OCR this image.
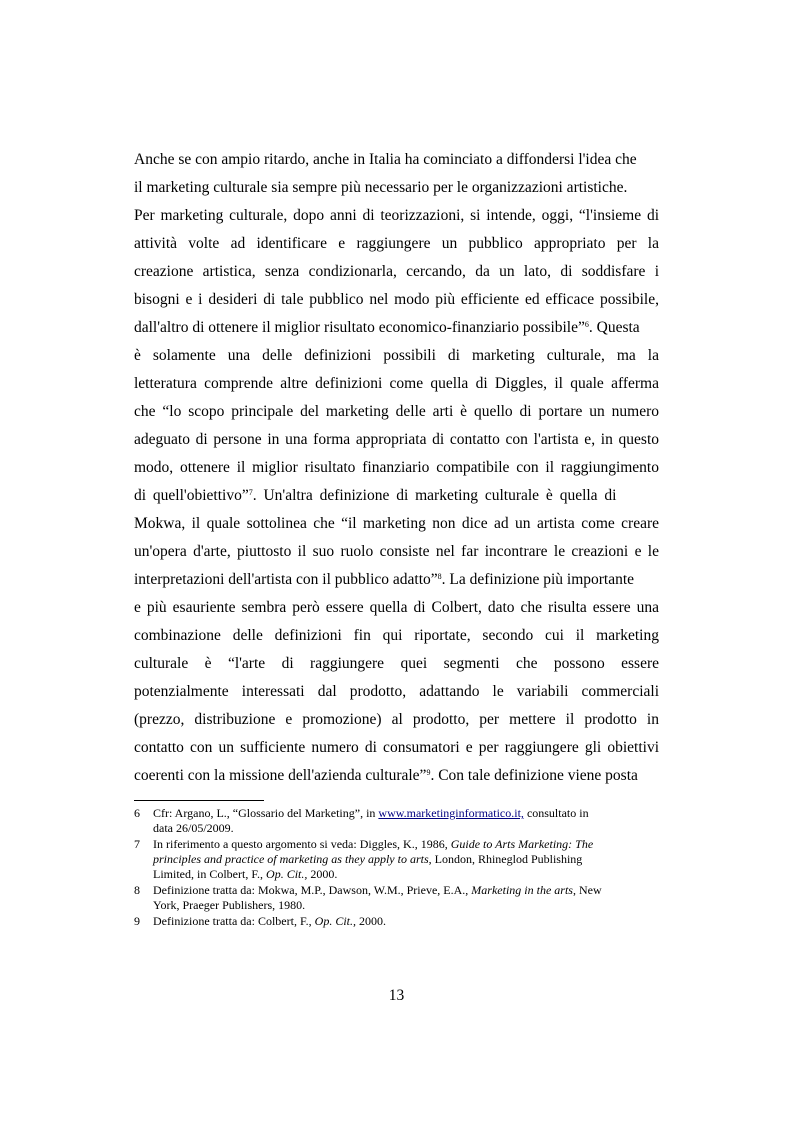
Anche se con ampio ritardo, anche in Italia ha cominciato a diffondersi l'idea che
il marketing culturale sia sempre più necessario per le organizzazioni artistiche.
Per marketing culturale, dopo anni di teorizzazioni, si intende, oggi, “l'insieme di
attività volte ad identificare e raggiungere un pubblico appropriato per la
creazione artistica, senza condizionarla, cercando, da un lato, di soddisfare i
bisogni e i desideri di tale pubblico nel modo più efficiente ed efficace possibile,
dall'altro di ottenere il miglior risultato economico-finanziario possibile”$^6$. Questa
è solamente una delle definizioni possibili di marketing culturale, ma la
letteratura comprende altre definizioni come quella di Diggles, il quale afferma
che “lo scopo principale del marketing delle arti è quello di portare un numero
adeguato di persone in una forma appropriata di contatto con l'artista e, in questo
modo, ottenere il miglior risultato finanziario compatibile con il raggiungimento
di quell'obiettivo”$^7$. Un'altra definizione di marketing culturale è quella di
Mokwa, il quale sottolinea che “il marketing non dice ad un artista come creare
un'opera d'arte, piuttosto il suo ruolo consiste nel far incontrare le creazioni e le
interpretazioni dell'artista con il pubblico adatto”$^8$. La definizione più importante
e più esauriente sembra però essere quella di Colbert, dato che risulta essere una
combinazione delle definizioni fin qui riportate, secondo cui il marketing
culturale è “l'arte di raggiungere quei segmenti che possono essere
potenzialmente interessati dal prodotto, adattando le variabili commerciali
(prezzo, distribuzione e promozione) al prodotto, per mettere il prodotto in
contatto con un sufficiente numero di consumatori e per raggiungere gli obiettivi
coerenti con la missione dell'azienda culturale”$^9$. Con tale definizione viene posta
6 Cfr: Argano, L., “Glossario del Marketing”, in www.marketinginformatico.it, consultato in
data 26/05/2009.
7 In riferimento a questo argomento si veda: Diggles, K., 1986, Guide to Arts Marketing: The
principles and practice of marketing as they apply to arts, London, Rhineglod Publishing
Limited, in Colbert, F., Op. Cit., 2000.
8 Definizione tratta da: Mokwa, M.P., Dawson, W.M., Prieve, E.A., Marketing in the arts, New
York, Praeger Publishers, 1980.
9 Definizione tratta da: Colbert, F., Op. Cit., 2000.
13
